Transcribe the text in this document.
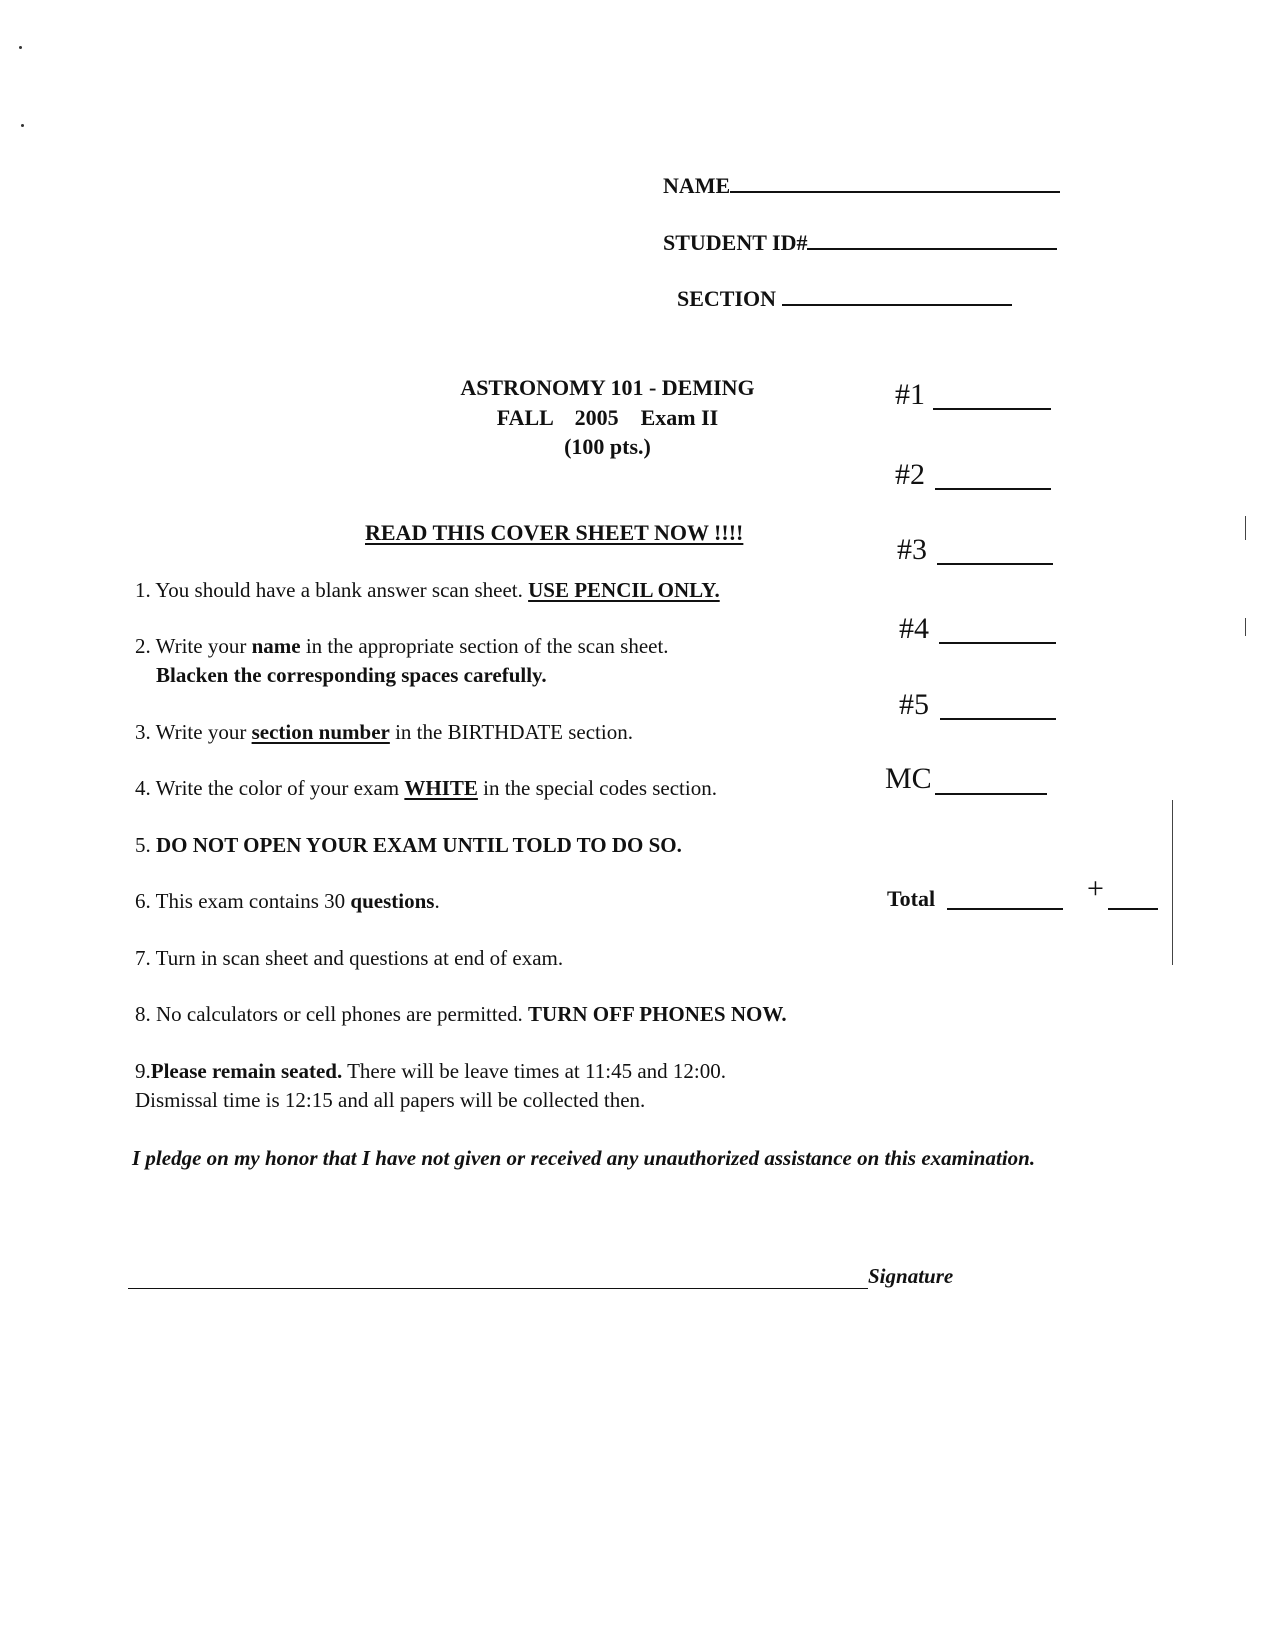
NAME
STUDENT ID#
SECTION
ASTRONOMY 101 - DEMING
FALL    2005    Exam II
(100 pts.)
#1
#2
#3
#4
#5
MC
Total	+
READ THIS COVER SHEET NOW !!!!
1. You should have a blank answer scan sheet. USE PENCIL ONLY.
2. Write your name in the appropriate section of the scan sheet.
Blacken the corresponding spaces carefully.
3. Write your section number in the BIRTHDATE section.
4. Write the color of your exam WHITE in the special codes section.
5. DO NOT OPEN YOUR EXAM UNTIL TOLD TO DO SO.
6. This exam contains 30 questions.
7. Turn in scan sheet and questions at end of exam.
8. No calculators or cell phones are permitted. TURN OFF PHONES NOW.
9.Please remain seated. There will be leave times at 11:45 and 12:00.
Dismissal time is 12:15 and all papers will be collected then.
I pledge on my honor that I have not given or received any unauthorized assistance on this examination.
Signature
